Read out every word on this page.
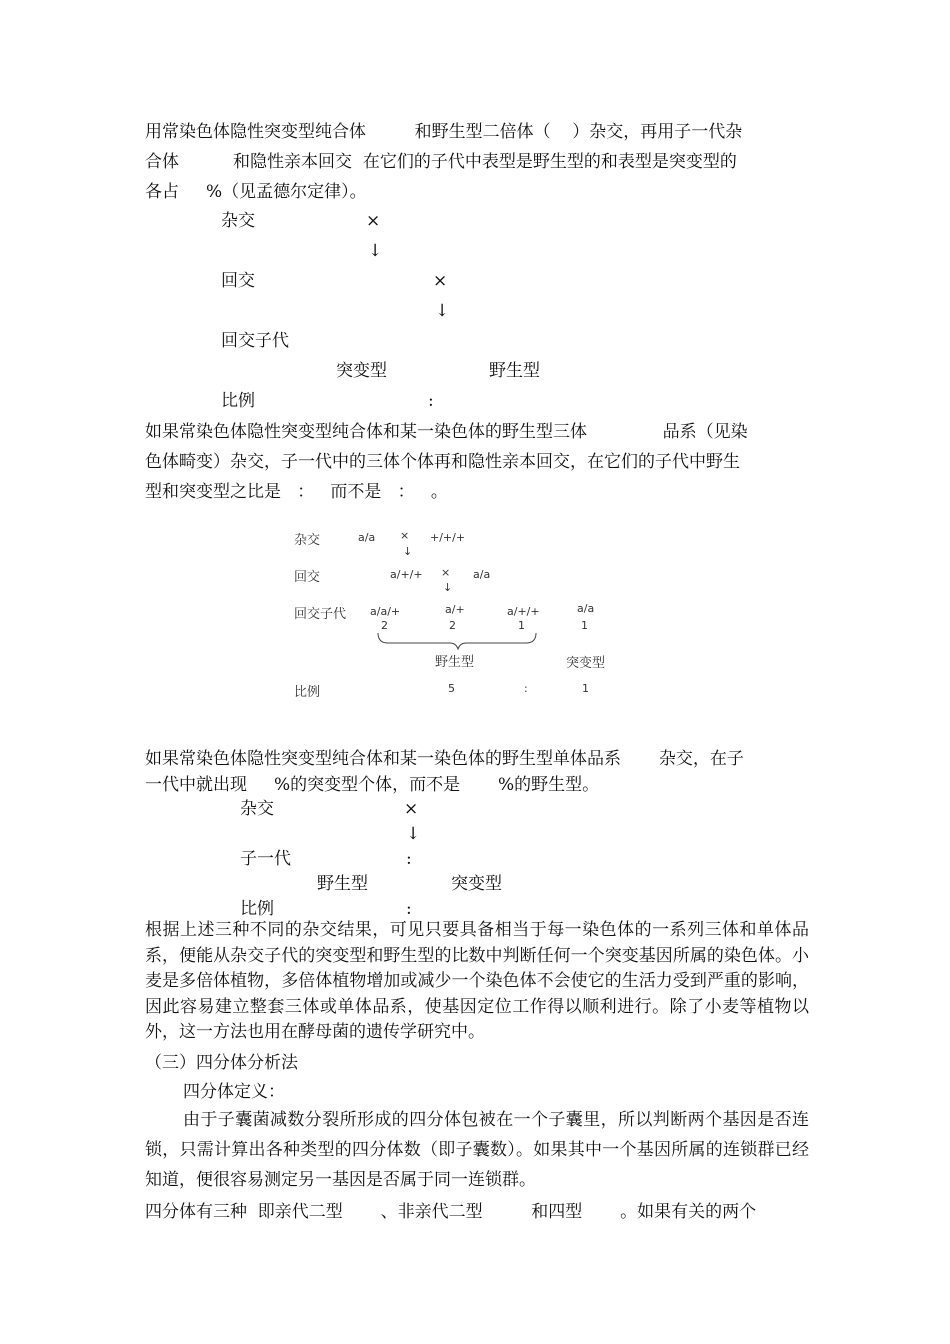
用常染色体隐性突变型纯合体         和野生型二倍体（    ）杂交，再用子一代杂
合体          和隐性亲本回交  在它们的子代中表型是野生型的和表型是突变型的
各占     %（见孟德尔定律）。
杂交	×
↓
回交	×
↓
回交子代
突变型	野生型
比例	:
如果常染色体隐性突变型纯合体和某一染色体的野生型三体              品系（见染
色体畸变）杂交，子一代中的三体个体再和隐性亲本回交，在它们的子代中野生
型和突变型之比是   ：   而不是   ：   。
杂交	a/a × +/+/+
↓
回交	a/+/+ × a/a
↓
回交子代 a/a/+	a/+	a/+/+	a/a
2	2	1	1
野生型	突变型
比例	5	:	1
如果常染色体隐性突变型纯合体和某一染色体的野生型单体品系       杂交，在子
一代中就出现     %的突变型个体，而不是       %的野生型。
杂交	×
↓
子一代	:
野生型	突变型
比例	:
根据上述三种不同的杂交结果，可见只要具备相当于每一染色体的一系列三体和单体品系，便能从杂交子代的突变型和野生型的比数中判断任何一个突变基因所属的染色体。小麦是多倍体植物，多倍体植物增加或减少一个染色体不会使它的生活力受到严重的影响，因此容易建立整套三体或单体品系，使基因定位工作得以顺利进行。除了小麦等植物以外，这一方法也用在酵母菌的遗传学研究中。
（三）四分体分析法
四分体定义：
由于子囊菌减数分裂所形成的四分体包被在一个子囊里，所以判断两个基因是否连锁，只需计算出各种类型的四分体数（即子囊数）。如果其中一个基因所属的连锁群已经知道，便很容易测定另一基因是否属于同一连锁群。
四分体有三种  即亲代二型       、非亲代二型         和四型       。如果有关的两个
